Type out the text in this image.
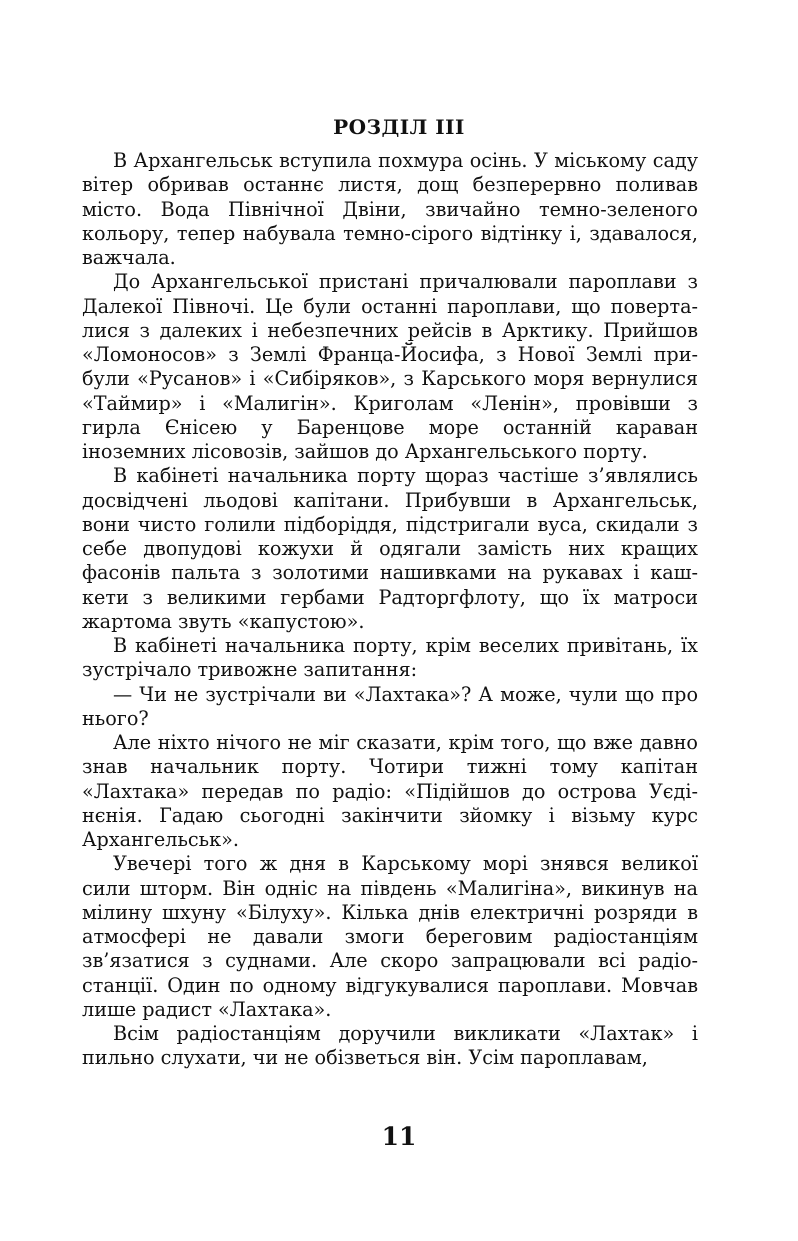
РОЗДІЛ ІІІ

В Архангельськ вступила похмура осінь. У міському саду вітер обривав останнє листя, дощ безперервно поливав місто. Вода Північної Двіни, звичайно темно-зеленого кольору, тепер набувала темно-сірого відтінку і, здавалося, важчала.

До Архангельської пристані причалювали пароплави з Далекої Півночі. Це були останні пароплави, що поверталися з далеких і небезпечних рейсів в Арктику. Прийшов «Ломоносов» з Землі Франца-Йосифа, з Нової Землі прибули «Русанов» і «Сибіряков», з Карського моря вернулися «Таймир» і «Малигін». Криголам «Ленін», провівши з гирла Єнісею у Баренцове море останній караван іноземних лісовозів, зайшов до Архангельського порту.

В кабінеті начальника порту щораз частіше з’являлись досвідчені льодові капітани. Прибувши в Архангельськ, вони чисто голили підборіддя, підстригали вуса, скидали з себе двопудові кожухи й одягали замість них кращих фасонів пальта з золотими нашивками на рукавах і кашкети з великими гербами Радторгфлоту, що їх матроси жартома звуть «капустою».

В кабінеті начальника порту, крім веселих привітань, їх зустрічало тривожне запитання:

— Чи не зустрічали ви «Лахтака»? А може, чули що про нього?

Але ніхто нічого не міг сказати, крім того, що вже давно знав начальник порту. Чотири тижні тому капітан «Лахтака» передав по радіо: «Підійшов до острова Уєдінєнія. Гадаю сьогодні закінчити зйомку і візьму курс Архангельськ».

Увечері того ж дня в Карському морі знявся великої сили шторм. Він одніс на південь «Малигіна», викинув на мілину шхуну «Білуху». Кілька днів електричні розряди в атмосфері не давали змоги береговим радіостанціям зв’язатися з суднами. Але скоро запрацювали всі радіостанції. Один по одному відгукувалися пароплави. Мовчав лише радист «Лахтака».

Всім радіостанціям доручили викликати «Лахтак» і пильно слухати, чи не обізветься він. Усім пароплавам,

11
